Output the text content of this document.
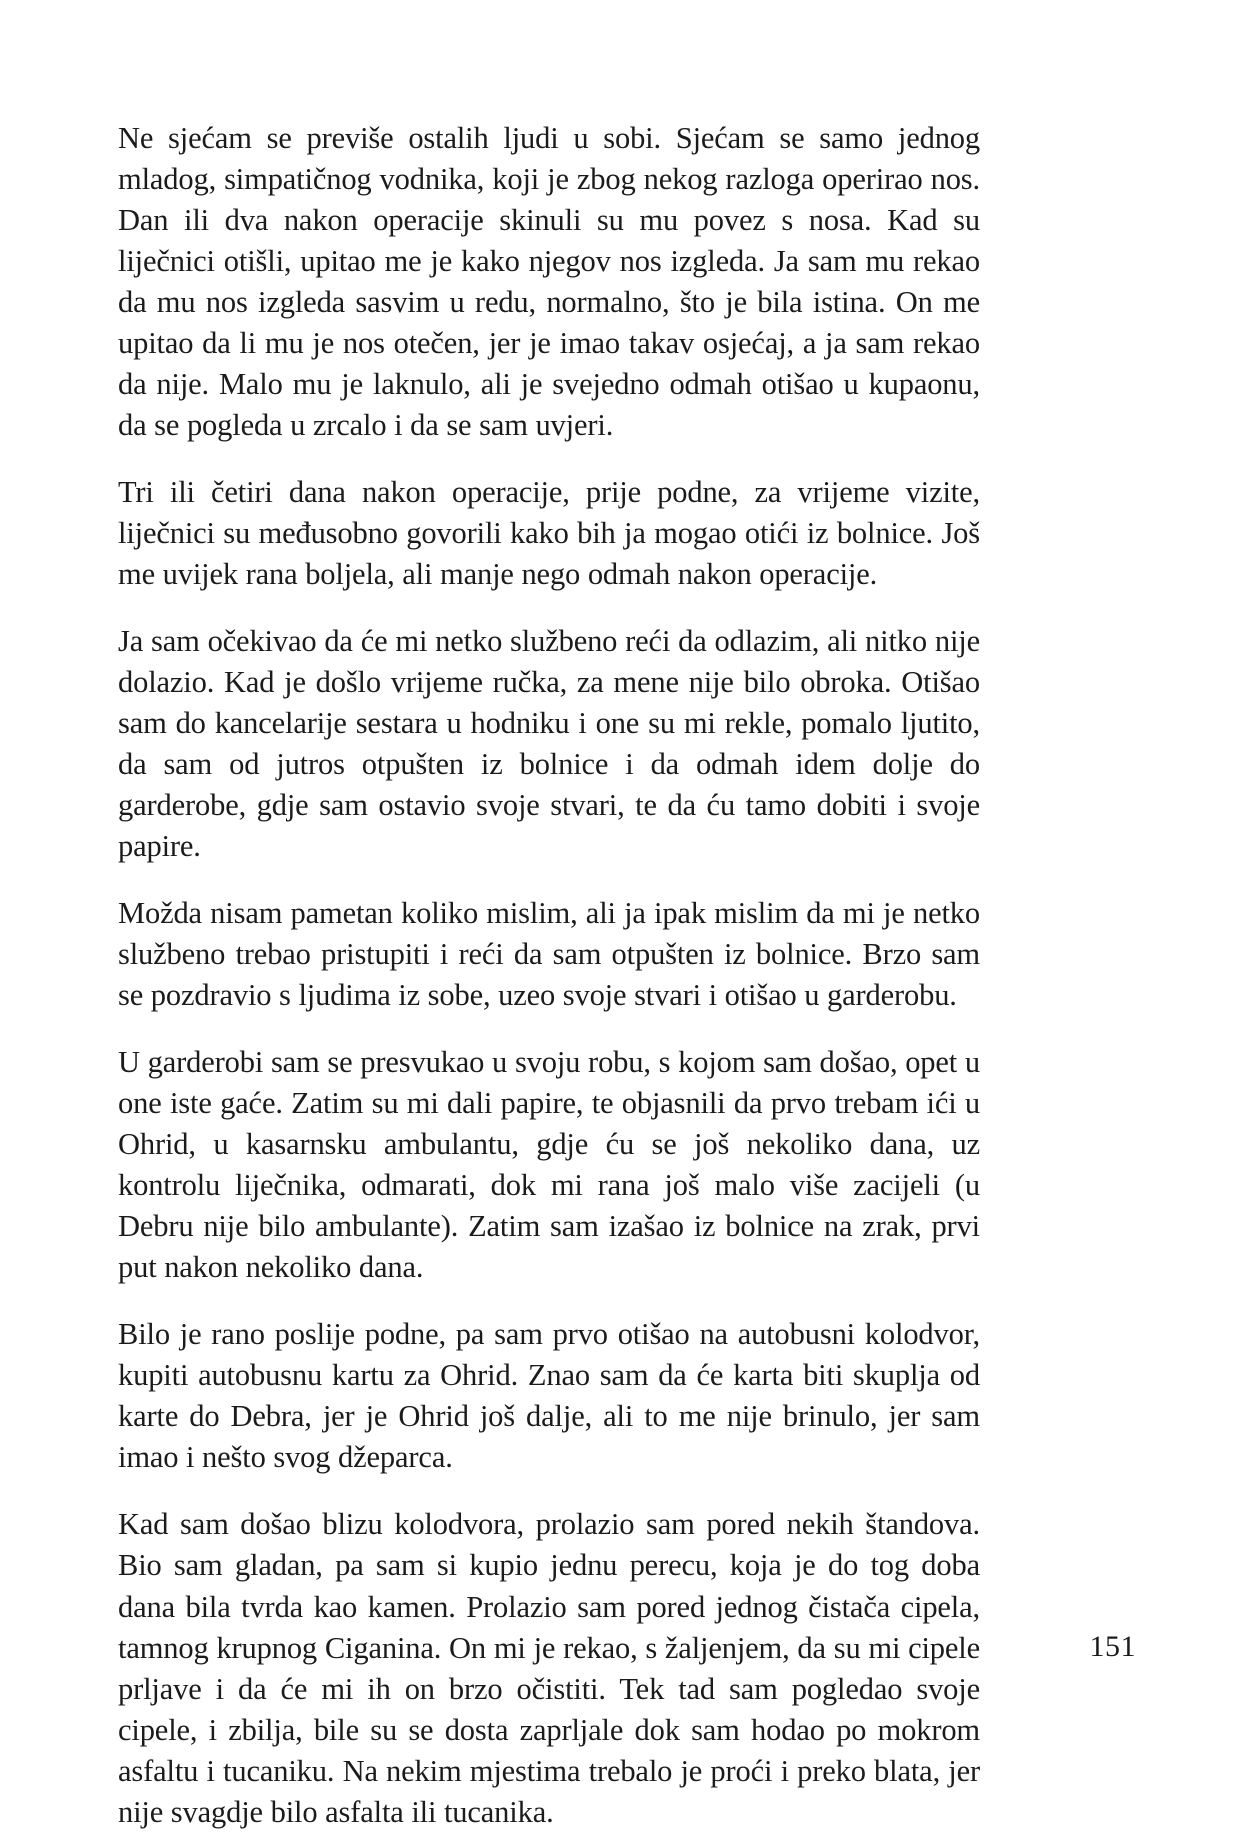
Ne sjećam se previše ostalih ljudi u sobi. Sjećam se samo jednog mladog, simpatičnog vodnika, koji je zbog nekog razloga operirao nos. Dan ili dva nakon operacije skinuli su mu povez s nosa. Kad su liječnici otišli, upitao me je kako njegov nos izgleda. Ja sam mu rekao da mu nos izgleda sasvim u redu, normalno, što je bila istina. On me upitao da li mu je nos otečen, jer je imao takav osjećaj, a ja sam rekao da nije. Malo mu je laknulo, ali je svejedno odmah otišao u kupaonu, da se pogleda u zrcalo i da se sam uvjeri.

Tri ili četiri dana nakon operacije, prije podne, za vrijeme vizite, liječnici su međusobno govorili kako bih ja mogao otići iz bolnice. Još me uvijek rana boljela, ali manje nego odmah nakon operacije.

Ja sam očekivao da će mi netko službeno reći da odlazim, ali nitko nije dolazio. Kad je došlo vrijeme ručka, za mene nije bilo obroka. Otišao sam do kancelarije sestara u hodniku i one su mi rekle, pomalo ljutito, da sam od jutros otpušten iz bolnice i da odmah idem dolje do garderobe, gdje sam ostavio svoje stvari, te da ću tamo dobiti i svoje papire.

Možda nisam pametan koliko mislim, ali ja ipak mislim da mi je netko službeno trebao pristupiti i reći da sam otpušten iz bolnice. Brzo sam se pozdravio s ljudima iz sobe, uzeo svoje stvari i otišao u garderobu.

U garderobi sam se presvukao u svoju robu, s kojom sam došao, opet u one iste gaće. Zatim su mi dali papire, te objasnili da prvo trebam ići u Ohrid, u kasarnsku ambulantu, gdje ću se još nekoliko dana, uz kontrolu liječnika, odmarati, dok mi rana još malo više zacijeli (u Debru nije bilo ambulante). Zatim sam izašao iz bolnice na zrak, prvi put nakon nekoliko dana.

Bilo je rano poslije podne, pa sam prvo otišao na autobusni kolodvor, kupiti autobusnu kartu za Ohrid. Znao sam da će karta biti skuplja od karte do Debra, jer je Ohrid još dalje, ali to me nije brinulo, jer sam imao i nešto svog džeparca.

Kad sam došao blizu kolodvora, prolazio sam pored nekih štandova. Bio sam gladan, pa sam si kupio jednu perecu, koja je do tog doba dana bila tvrda kao kamen. Prolazio sam pored jednog čistača cipela, tamnog krupnog Ciganina. On mi je rekao, s žaljenjem, da su mi cipele prljave i da će mi ih on brzo očistiti. Tek tad sam pogledao svoje cipele, i zbilja, bile su se dosta zaprljale dok sam hodao po mokrom asfaltu i tucaniku. Na nekim mjestima trebalo je proći i preko blata, jer nije svagdje bilo asfalta ili tucanika.

151
